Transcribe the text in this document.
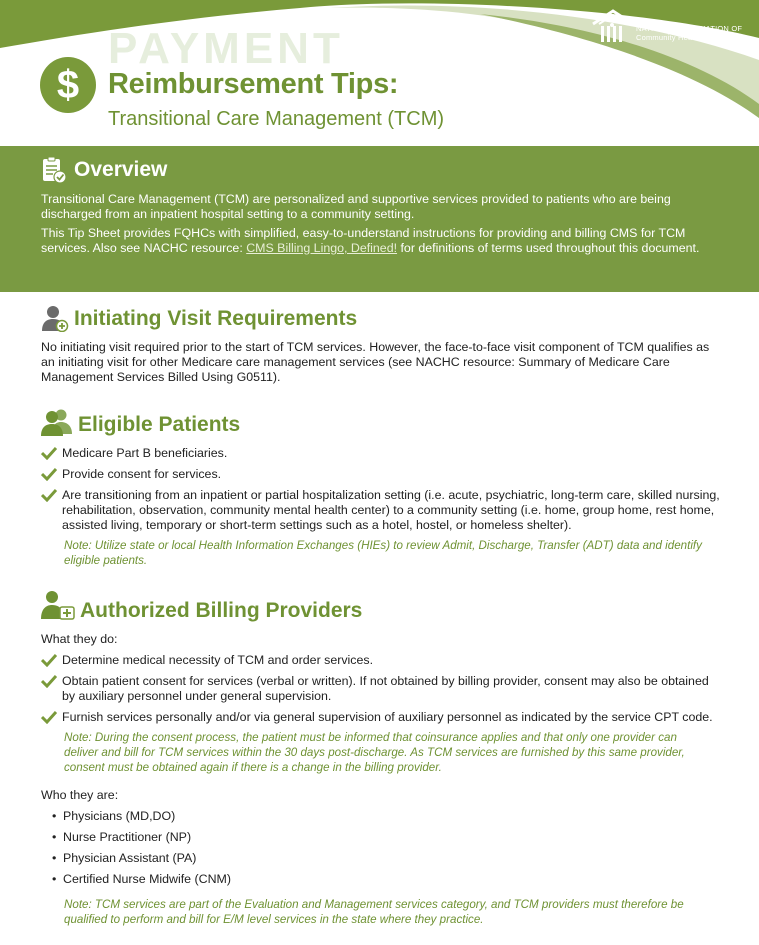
NATIONAL ASSOCIATION OF
Community Health Centers®
PAYMENT
$ Reimbursement Tips:
Transitional Care Management (TCM)
Overview

Transitional Care Management (TCM) are personalized and supportive services provided to patients who are being discharged from an inpatient hospital setting to a community setting.

This Tip Sheet provides FQHCs with simplified, easy-to-understand instructions for providing and billing CMS for TCM services. Also see NACHC resource: CMS Billing Lingo, Defined! for definitions of terms used throughout this document.

Initiating Visit Requirements

No initiating visit required prior to the start of TCM services. However, the face-to-face visit component of TCM qualifies as an initiating visit for other Medicare care management services (see NACHC resource: Summary of Medicare Care Management Services Billed Using G0511).

Eligible Patients
Medicare Part B beneficiaries.
Provide consent for services.
Are transitioning from an inpatient or partial hospitalization setting (i.e. acute, psychiatric, long-term care, skilled nursing, rehabilitation, observation, community mental health center) to a community setting (i.e. home, group home, rest home, assisted living, temporary or short-term settings such as a hotel, hostel, or homeless shelter).
Note: Utilize state or local Health Information Exchanges (HIEs) to review Admit, Discharge, Transfer (ADT) data and identify eligible patients.
Authorized Billing Providers

What they do:

Determine medical necessity of TCM and order services.
Obtain patient consent for services (verbal or written). If not obtained by billing provider, consent may also be obtained by auxiliary personnel under general supervision.
Furnish services personally and/or via general supervision of auxiliary personnel as indicated by the service CPT code.
Note: During the consent process, the patient must be informed that coinsurance applies and that only one provider can deliver and bill for TCM services within the 30 days post-discharge. As TCM services are furnished by this same provider, consent must be obtained again if there is a change in the billing provider.

Who they are:

• Physicians (MD,DO)
• Nurse Practitioner (NP)
• Physician Assistant (PA)
• Certified Nurse Midwife (CNM)
Note: TCM services are part of the Evaluation and Management services category, and TCM providers must therefore be qualified to perform and bill for E/M level services in the state where they practice.
